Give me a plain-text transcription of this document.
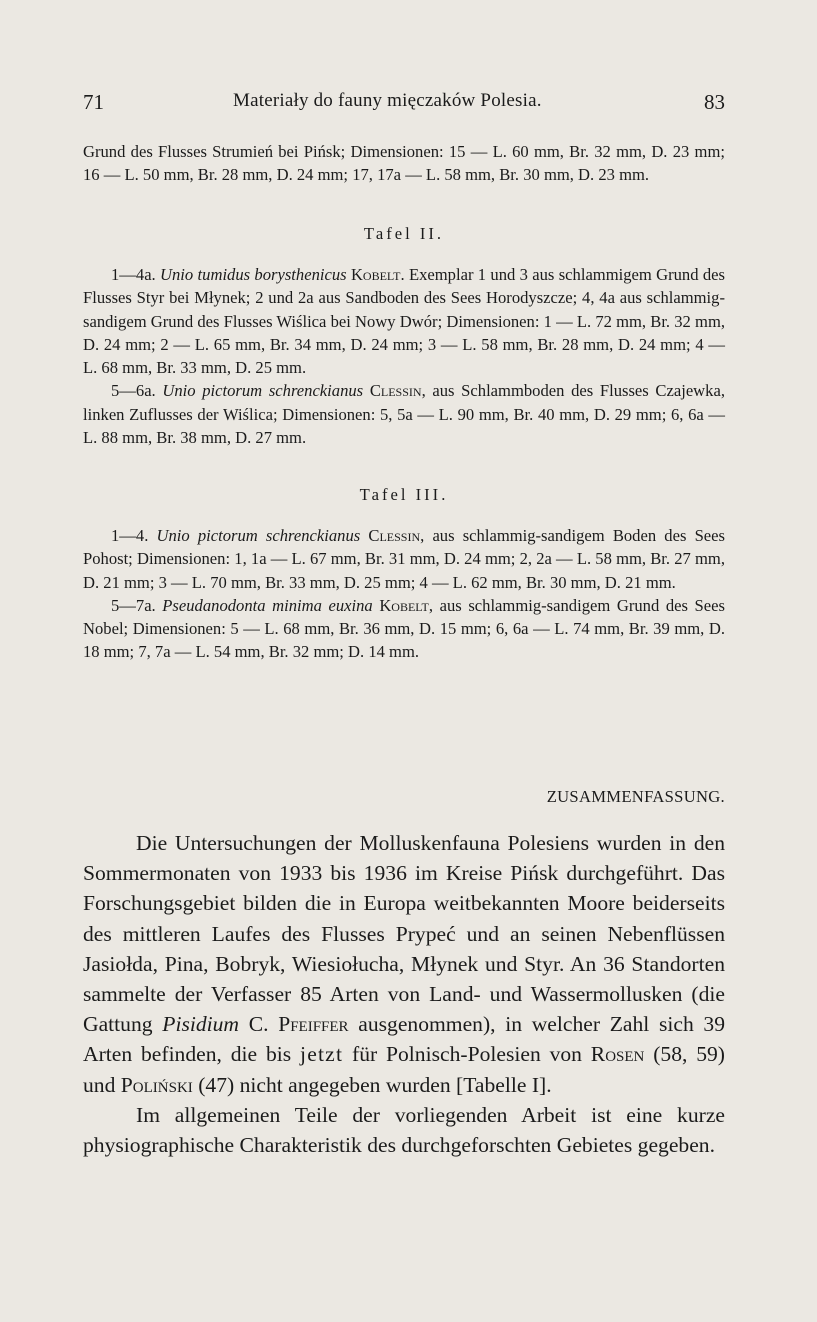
71	Materiały do fauny mięczaków Polesia.	83

Grund des Flusses Strumień bei Pińsk; Dimensionen: 15 — L. 60 mm, Br. 32 mm, D. 23 mm; 16 — L. 50 mm, Br. 28 mm, D. 24 mm; 17, 17a — L. 58 mm, Br. 30 mm, D. 23 mm.

Tafel II.

1—4a. Unio tumidus borysthenicus Kobelt. Exemplar 1 und 3 aus schlammigem Grund des Flusses Styr bei Młynek; 2 und 2a aus Sandboden des Sees Horodyszcze; 4, 4a aus schlammig-sandigem Grund des Flusses Wiślica bei Nowy Dwór; Dimensionen: 1 — L. 72 mm, Br. 32 mm, D. 24 mm; 2 — L. 65 mm, Br. 34 mm, D. 24 mm; 3 — L. 58 mm, Br. 28 mm, D. 24 mm; 4 — L. 68 mm, Br. 33 mm, D. 25 mm.

5—6a. Unio pictorum schrenckianus Clessin, aus Schlammboden des Flusses Czajewka, linken Zuflusses der Wiślica; Dimensionen: 5, 5a — L. 90 mm, Br. 40 mm, D. 29 mm; 6, 6a — L. 88 mm, Br. 38 mm, D. 27 mm.

Tafel III.

1—4. Unio pictorum schrenckianus Clessin, aus schlammig-sandigem Boden des Sees Pohost; Dimensionen: 1, 1a — L. 67 mm, Br. 31 mm, D. 24 mm; 2, 2a — L. 58 mm, Br. 27 mm, D. 21 mm; 3 — L. 70 mm, Br. 33 mm, D. 25 mm; 4 — L. 62 mm, Br. 30 mm, D. 21 mm.

5—7a. Pseudanodonta minima euxina Kobelt, aus schlammig-sandigem Grund des Sees Nobel; Dimensionen: 5 — L. 68 mm, Br. 36 mm, D. 15 mm; 6, 6a — L. 74 mm, Br. 39 mm, D. 18 mm; 7, 7a — L. 54 mm, Br. 32 mm; D. 14 mm.

ZUSAMMENFASSUNG.

Die Untersuchungen der Molluskenfauna Polesiens wurden in den Sommermonaten von 1933 bis 1936 im Kreise Pińsk durchgeführt. Das Forschungsgebiet bilden die in Europa weitbekannten Moore beiderseits des mittleren Laufes des Flusses Prypeć und an seinen Nebenflüssen Jasiołda, Pina, Bobryk, Wiesiołucha, Młynek und Styr. An 36 Standorten sammelte der Verfasser 85 Arten von Land- und Wassermollusken (die Gattung Pisidium C. Pfeiffer ausgenommen), in welcher Zahl sich 39 Arten befinden, die bis jetzt für Polnisch-Polesien von Rosen (58, 59) und Poliński (47) nicht angegeben wurden [Tabelle I].

Im allgemeinen Teile der vorliegenden Arbeit ist eine kurze physiographische Charakteristik des durchgeforschten Gebietes gegeben.
